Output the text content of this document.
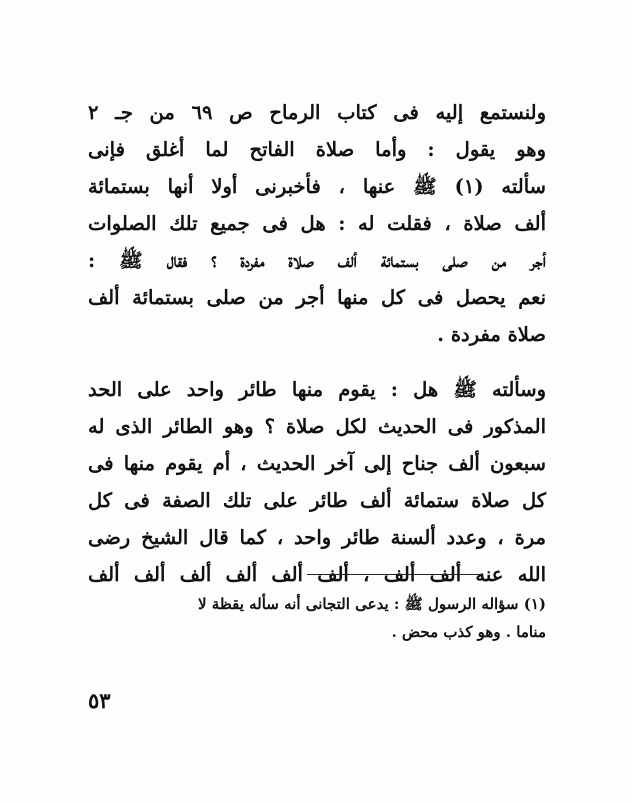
ولنستمع إليه فى كتاب الرماح ص ٦٩ من جـ ٢
وهو يقول : وأما صلاة الفاتح لما أغلق فإنى
سألته (١) ﷺ عنها ، فأخبرنى أولا أنها بستمائة
ألف صلاة ، فقلت له : هل فى جميع تلك الصلوات
أجر من صلى بستمائة ألف صلاة مفردة ؟ فقال ﷺ :
نعم يحصل فى كل منها أجر من صلى بستمائة ألف
صلاة مفردة .
وسألته ﷺ هل : يقوم منها طائر واحد على الحد
المذكور فى الحديث لكل صلاة ؟ وهو الطائر الذى له
سبعون ألف جناح إلى آخر الحديث ، أم يقوم منها فى
كل صلاة ستمائة ألف طائر على تلك الصفة فى كل
مرة ، وعدد ألسنة طائر واحد ، كما قال الشيخ رضى
الله عنه ألف ألف ، ألف ألف ألف ألف ألف ألف
(١) سؤاله الرسول ﷺ : يدعى التجانى أنه سأله يقظة لا
مناما . وهو كذب محض .
٥٣
